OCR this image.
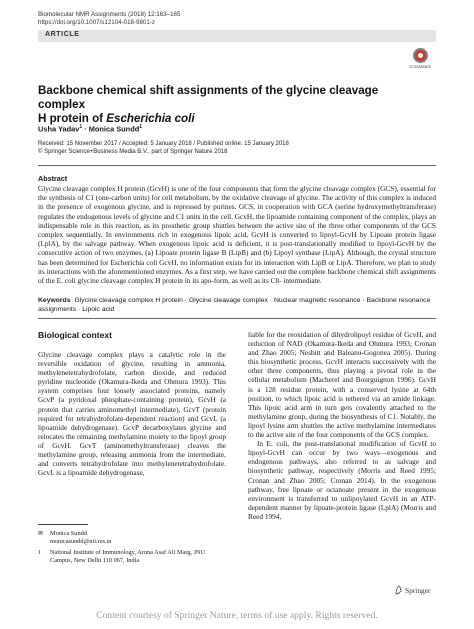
Biomolecular NMR Assignments (2018) 12:163–165
https://doi.org/10.1007/s12104-018-9801-z
ARTICLE
CrossMark
Backbone chemical shift assignments of the glycine cleavage complex
H protein of Escherichia coli
Usha Yadav$^1$ · Monica Sundd$^1$
Received: 15 November 2017 / Accepted: 5 January 2018 / Published online: 15 January 2018
© Springer Science+Business Media B.V., part of Springer Nature 2018
Abstract

Glycine cleavage complex H protein (GcvH) is one of the four components that form the glycine cleavage complex (GCS), essential for the synthesis of C1 (one-carbon units) for cell metabolism, by the oxidative cleavage of glycine. The activity of this complex is induced in the presence of exogenous glycine, and is repressed by purines. GCS, in cooperation with GCA (serine hydroxymethyltransferase) regulates the endogenous levels of glycine and C1 units in the cell. GcvH, the lipoamide containing component of the complex, plays an indispensable role in this reaction, as its prosthetic group shuttles between the active site of the three other components of the GCS complex sequentially. In environments rich in exogenous lipoic acid, GcvH is converted to lipoyl-GcvH by Lipoate protein ligase (LplA), by the salvage pathway. When exogenous lipoic acid is deficient, it is post-translationally modified to lipoyl-GcvH by the consecutive action of two enzymes, (a) Lipoate protein ligase B (LipB) and (b) Lipoyl synthase (LipA). Although, the crystal structure has been determined for Escherichia coli GcvH, no information exists for its interaction with LipB or LipA. Therefore, we plan to study its interactions with the aforementioned enzymes. As a first step, we have carried out the complete backbone chemical shift assignments of the E. coli glycine cleavage complex H protein in its apo-form, as well as its C8- intermediate.

Keywords Glycine cleavage complex H protein · Glycine cleavage complex · Nuclear magnetic resonance · Backbone resonance assignments · Lipoic acid
Biological context

Glycine cleavage complex plays a catalytic role in the reversible oxidation of glycine, resulting in ammonia, methylenetetrahydrofolate, carbon dioxide, and reduced pyridine nucleotide (Okamura-Ikeda and Ohmura 1993). This system comprises four loosely associated proteins, namely GcvP (a pyridoxal phosphate-containing protein), GcvH (a protein that carries aminomethyl intermediate), GcvT (protein required for tetrahydrofolate-dependent reaction) and GcvL (a lipoamide dehydrogenase). GcvP decarboxylates glycine and relocates the remaining methylamine moiety to the lipoyl group of GcvH. GcvT (aminomethyltransferase) cleaves the methylamine group, releasing ammonia from the intermediate, and converts tetrahydrofolate into methylenetetrahydrofolate. GcvL is a lipoamide dehydrogenase,

liable for the reoxidation of dihydrolipoyl residue of GcvH, and reduction of NAD (Okamura-Ikeda and Ohmura 1993; Cronan and Zhao 2005; Nesbitt and Baleanu-Gogonea 2005). During this biosynthetic process, GcvH interacts successively with the other three components, thus playing a pivotal role in the cellular metabolism (Macherel and Bourguignon 1996). GcvH is a 128 residue protein, with a conserved lysine at 64th position, to which lipoic acid is tethered via an amide linkage. This lipoic acid arm in turn gets covalently attached to the methylamine group, during the biosynthesis of C1. Notably, the lipoyl lysine arm shuttles the active methylamine intermediates to the active site of the four components of the GCS complex.

In E. coli, the post-translational modification of GcvH to lipoyl-GcvH can occur by two ways—exogenous and endogenous pathways, also referred to as salvage and biosynthetic pathway, respectively (Morris and Reed 1995; Cronan and Zhao 2005; Cronan 2014). In the exogenous pathway, free lipoate or octanoate present in the exogenous environment is transferred to unlipoylated GcvH in an ATP-dependent manner by lipoate-protein ligase (LplA) (Morris and Reed 1994,

✉	Monica Sundd
monicasundd@nii.res.in
1	National Institute of Immunology, Aruna Asaf Ali Marg, JNU Campus, New Delhi 110 067, India
Springer
Content courtesy of Springer Nature, terms of use apply. Rights reserved.
